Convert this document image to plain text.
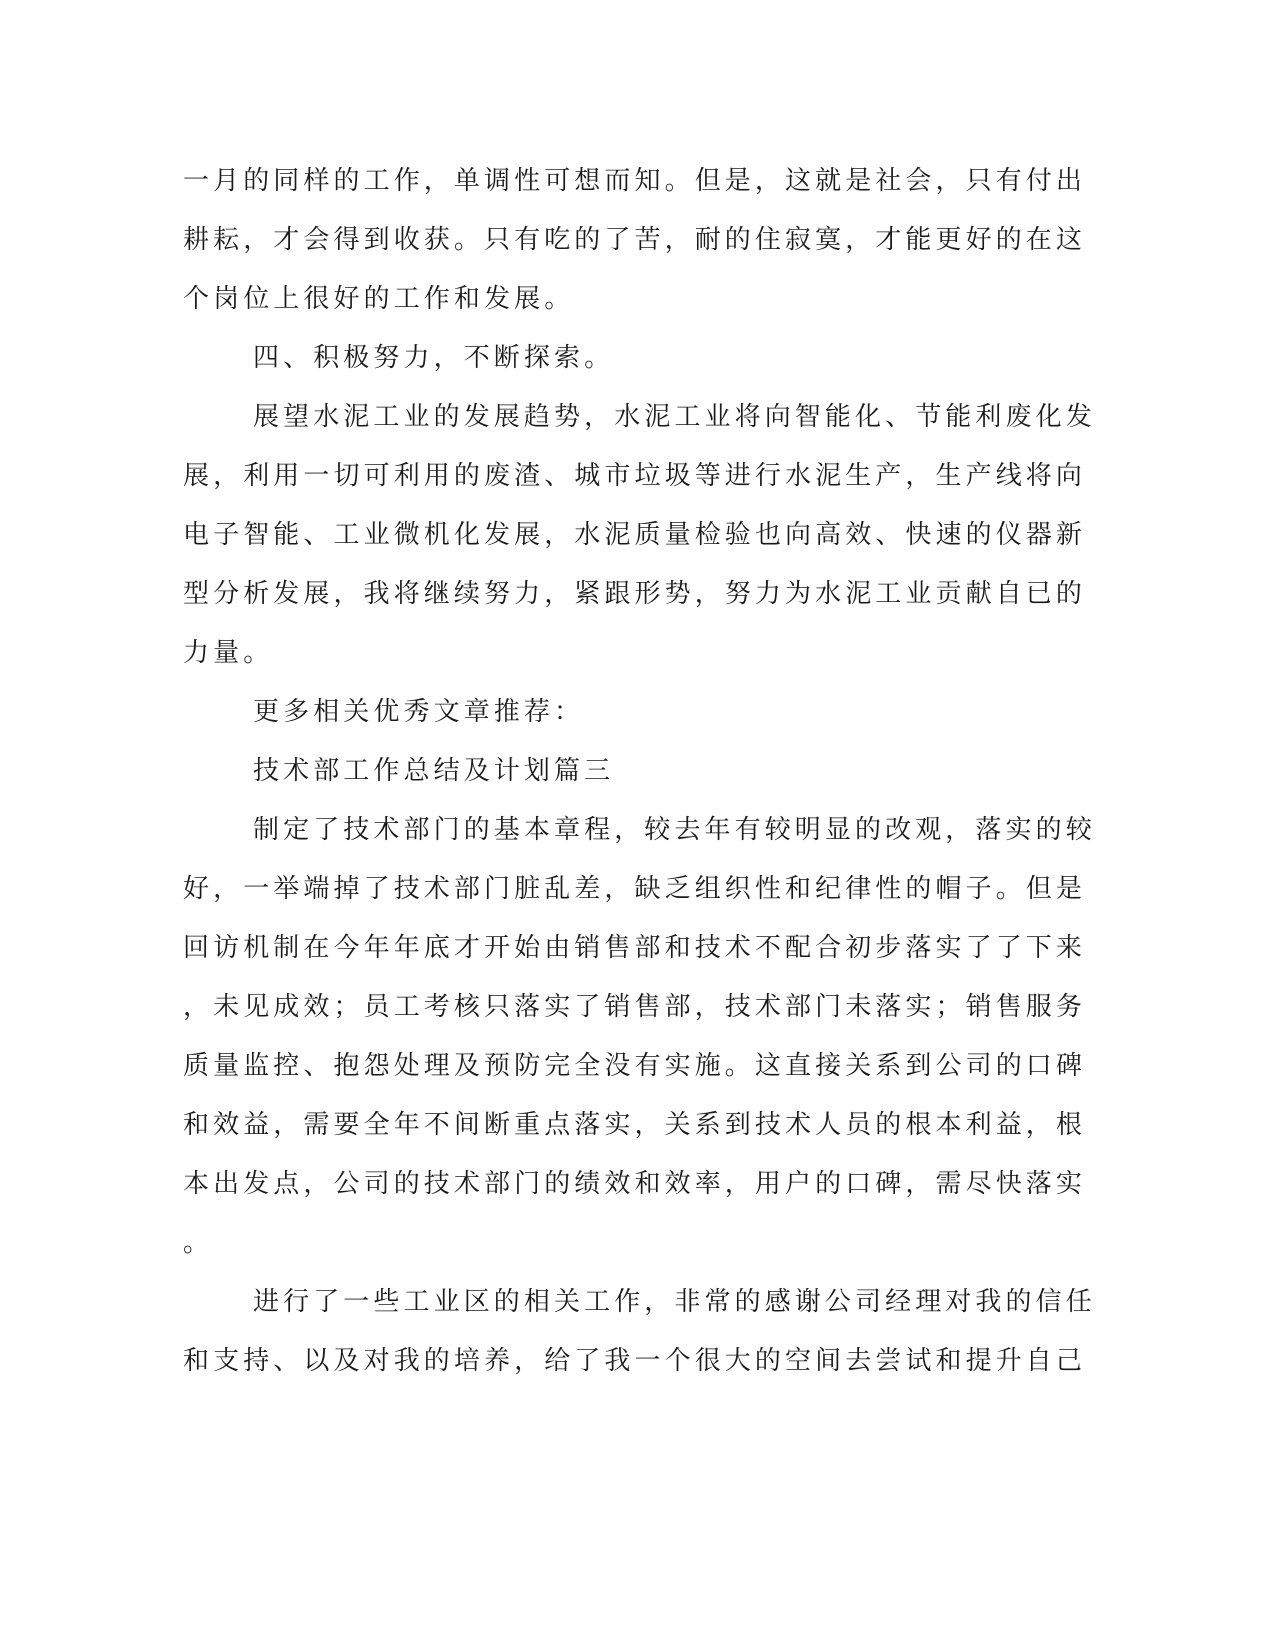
一月的同样的工作，单调性可想而知。但是，这就是社会，只有付出
耕耘，才会得到收获。只有吃的了苦，耐的住寂寞，才能更好的在这
个岗位上很好的工作和发展。
四、积极努力，不断探索。
展望水泥工业的发展趋势，水泥工业将向智能化、节能利废化发
展，利用一切可利用的废渣、城市垃圾等进行水泥生产，生产线将向
电子智能、工业微机化发展，水泥质量检验也向高效、快速的仪器新
型分析发展，我将继续努力，紧跟形势，努力为水泥工业贡献自已的
力量。
更多相关优秀文章推荐：
技术部工作总结及计划篇三
制定了技术部门的基本章程，较去年有较明显的改观，落实的较
好，一举端掉了技术部门脏乱差，缺乏组织性和纪律性的帽子。但是
回访机制在今年年底才开始由销售部和技术不配合初步落实了了下来
，未见成效；员工考核只落实了销售部，技术部门未落实；销售服务
质量监控、抱怨处理及预防完全没有实施。这直接关系到公司的口碑
和效益，需要全年不间断重点落实，关系到技术人员的根本利益，根
本出发点，公司的技术部门的绩效和效率，用户的口碑，需尽快落实
。
进行了一些工业区的相关工作，非常的感谢公司经理对我的信任
和支持、以及对我的培养，给了我一个很大的空间去尝试和提升自己
